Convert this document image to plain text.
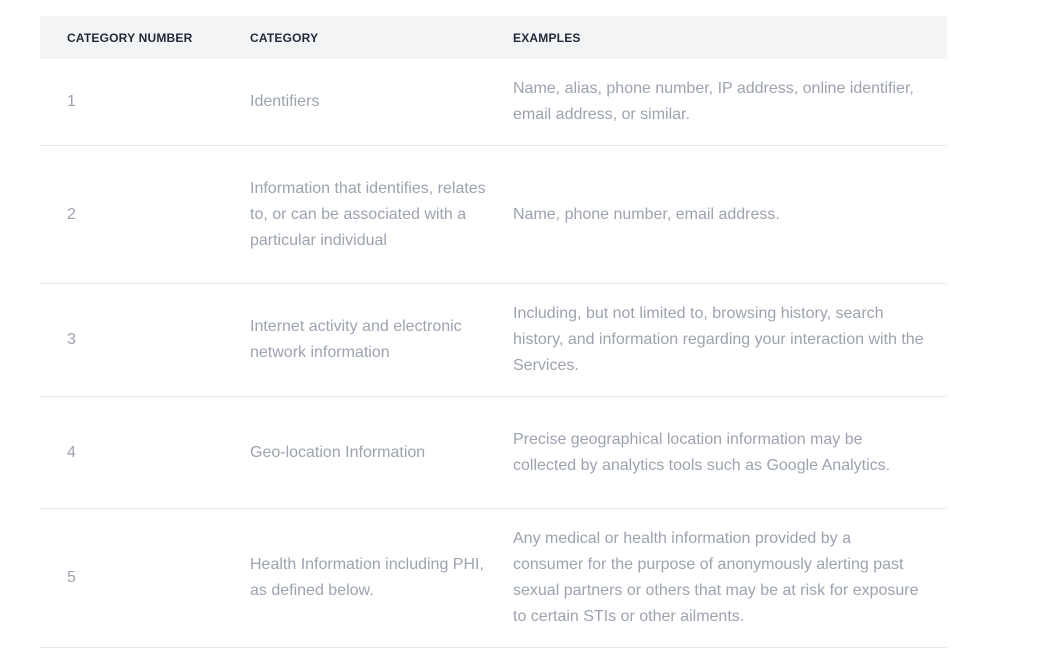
CATEGORY NUMBER	CATEGORY	EXAMPLES
1	Identifiers	Name, alias, phone number, IP address, online identifier, email address, or similar.
2	Information that identifies, relates to, or can be associated with a particular individual	Name, phone number, email address.
3	Internet activity and electronic network information	Including, but not limited to, browsing history, search history, and information regarding your interaction with the Services.
4	Geo-location Information	Precise geographical location information may be collected by analytics tools such as Google Analytics.
5	Health Information including PHI, as defined below.	Any medical or health information provided by a consumer for the purpose of anonymously alerting past sexual partners or others that may be at risk for exposure to certain STIs or other ailments.
